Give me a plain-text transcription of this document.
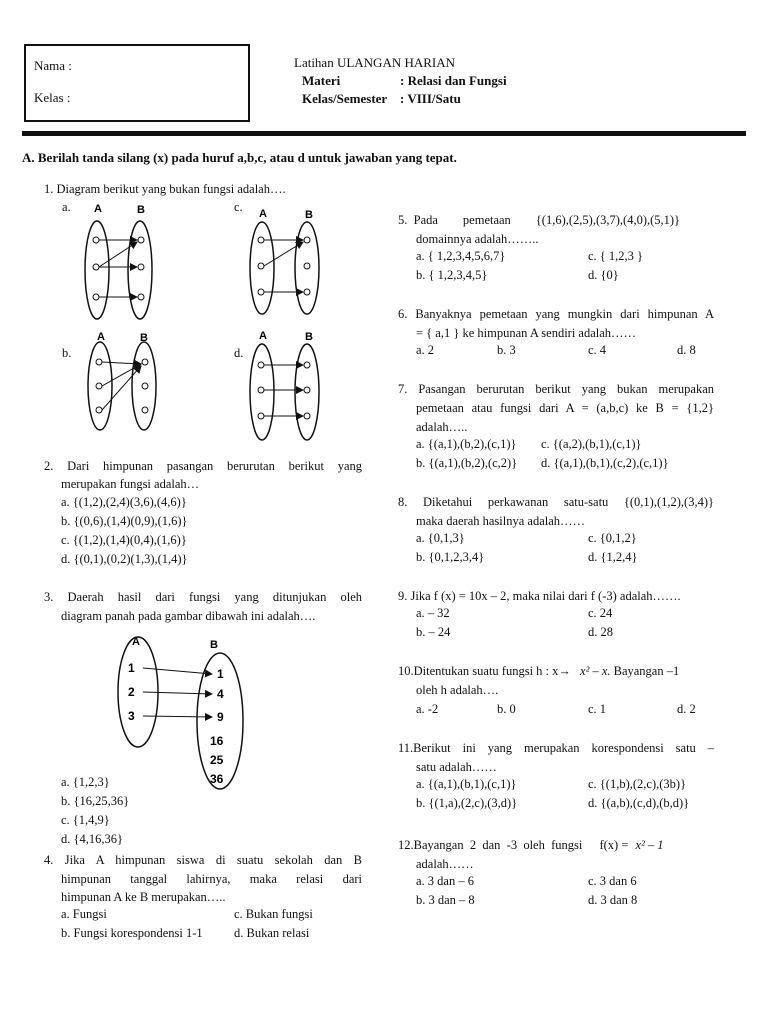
Nama :
Kelas :
Latihan ULANGAN HARIAN
Materi	: Relasi dan Fungsi
Kelas/Semester : VIII/Satu
A. Berilah tanda silang (x) pada huruf a,b,c, atau d untuk jawaban yang tepat.
1. Diagram berikut yang bukan fungsi adalah….
a.	c.
b.	d.
A	B	A	B
A	B	A	B
A	B
1
2
3
1
4
9
16
25
36
2. Dari himpunan pasangan berurutan berikut yang
merupakan fungsi adalah…
a. {(1,2),(2,4)(3,6),(4,6)}
b. {(0,6),(1,4)(0,9),(1,6)}
c. {(1,2),(1,4)(0,4),(1,6)}
d. {(0,1),(0,2)(1,3),(1,4)}
3. Daerah hasil dari fungsi yang ditunjukan oleh
diagram panah pada gambar dibawah ini adalah….
a. {1,2,3}
b. {16,25,36}
c. {1,4,9}
d. {4,16,36}
4. Jika A himpunan siswa di suatu sekolah dan B
himpunan tanggal lahirnya, maka relasi dari
himpunan A ke B merupakan…..
a. Fungsi
b. Fungsi korespondensi 1-1
c. Bukan fungsi
d. Bukan relasi
5.  Pada        pemetaan        {(1,6),(2,5),(3,7),(4,0),(5,1)}
domainnya adalah……..
a. { 1,2,3,4,5,6,7}
b. { 1,2,3,4,5}
c. { 1,2,3 }
d. {0}
6. Banyaknya pemetaan yang mungkin dari himpunan A
= { a,1 } ke himpunan A sendiri adalah……
a. 2	b. 3	c. 4	d. 8
7. Pasangan berurutan berikut yang bukan merupakan
pemetaan atau fungsi dari A = (a,b,c) ke B = {1,2}
adalah…..
a. {(a,1),(b,2),(c,1)}
b. {(a,1),(b,2),(c,2)}
c. {(a,2),(b,1),(c,1)}
d. {(a,1),(b,1),(c,2),(c,1)}
8. Diketahui perkawanan satu-satu {(0,1),(1,2),(3,4)}
maka daerah hasilnya adalah……
a. {0,1,3}
b. {0,1,2,3,4}
c. {0,1,2}
d. {1,2,4}
9. Jika f (x) = 10x – 2, maka nilai dari f (-3) adalah…….
a. – 32
b. – 24
c. 24
d. 28
10.Ditentukan suatu fungsi h : x→ x² – x. Bayangan –1
oleh h adalah….
a. -2	b. 0	c. 1	d. 2
11.Berikut ini yang merupakan korespondensi satu –
satu adalah……
a. {(a,1),(b,1),(c,1)}
b. {(1,a),(2,c),(3,d)}
c. {(1,b),(2,c),(3b)}
d. {(a,b),(c,d),(b,d)}
12.Bayangan  2  dan  -3  oleh  fungsi f(x) = x² – 1
adalah……
a. 3 dan – 6
b. 3 dan – 8
c. 3 dan 6
d. 3 dan 8
